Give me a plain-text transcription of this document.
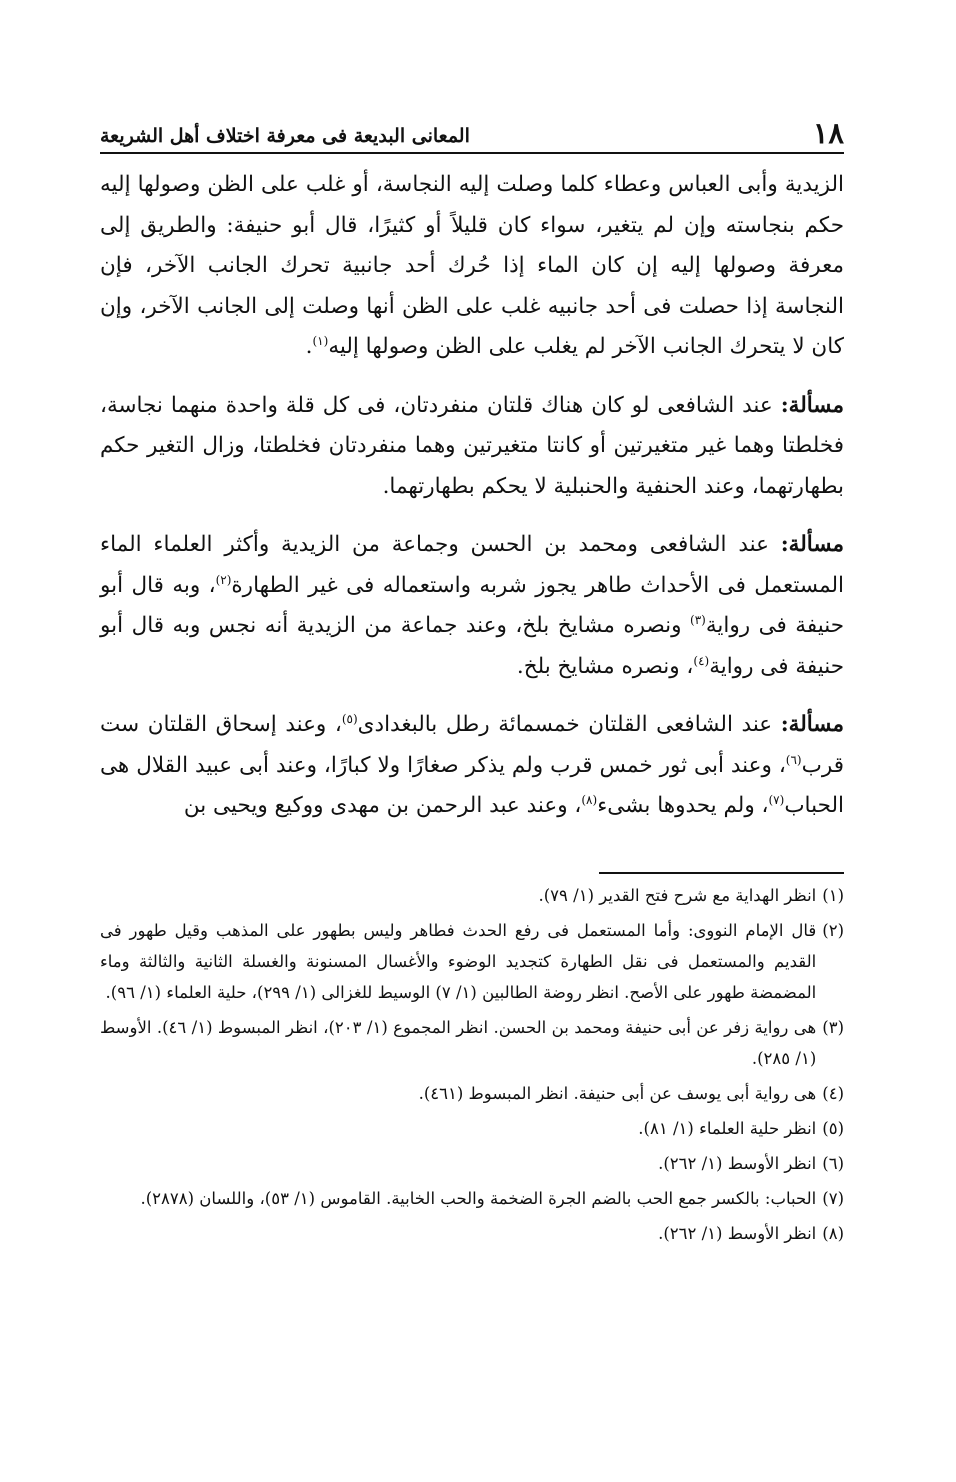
١٨
المعانى البديعة فى معرفة اختلاف أهل الشريعة

الزيدية وأبى العباس وعطاء كلما وصلت إليه النجاسة، أو غلب على الظن وصولها إليه حكم بنجاسته وإن لم يتغير، سواء كان قليلاً أو كثيرًا، قال أبو حنيفة: والطريق إلى معرفة وصولها إليه إن كان الماء إذا حُرك أحد جانبية تحرك الجانب الآخر، فإن النجاسة إذا حصلت فى أحد جانبيه غلب على الظن أنها وصلت إلى الجانب الآخر، وإن كان لا يتحرك الجانب الآخر لم يغلب على الظن وصولها إليه$^{(١)}$.

مسألة: عند الشافعى لو كان هناك قلتان منفردتان، فى كل قلة واحدة منهما نجاسة، فخلطتا وهما غير متغيرتين أو كانتا متغيرتين وهما منفردتان فخلطتا، وزال التغير حكم بطهارتهما، وعند الحنفية والحنبلية لا يحكم بطهارتهما.

مسألة: عند الشافعى ومحمد بن الحسن وجماعة من الزيدية وأكثر العلماء الماء المستعمل فى الأحداث طاهر يجوز شربه واستعماله فى غير الطهارة$^{(٢)}$، وبه قال أبو حنيفة فى رواية$^{(٣)}$ ونصره مشايخ بلخ، وعند جماعة من الزيدية أنه نجس وبه قال أبو حنيفة فى رواية$^{(٤)}$، ونصره مشايخ بلخ.

مسألة: عند الشافعى القلتان خمسمائة رطل بالبغدادى$^{(٥)}$، وعند إسحاق القلتان ست قرب$^{(٦)}$، وعند أبى ثور خمس قرب ولم يذكر صغارًا ولا كبارًا، وعند أبى عبيد القلال هى الحباب$^{(٧)}$، ولم يحدوها بشىء$^{(٨)}$، وعند عبد الرحمن بن مهدى ووكيع ويحيى بن

(١)
انظر الهداية مع شرح فتح القدير (١/ ٧٩).
(٢)
قال الإمام النووى: وأما المستعمل فى رفع الحدث فطاهر وليس بطهور على المذهب وقيل طهور فى القديم والمستعمل فى نقل الطهارة كتجديد الوضوء والأغسال المسنونة والغسلة الثانية والثالثة وماء المضمضة طهور على الأصح. انظر روضة الطالبين (١/ ٧) الوسيط للغزالى (١/ ٢٩٩)، حلية العلماء (١/ ٩٦).
(٣)
هى رواية زفر عن أبى حنيفة ومحمد بن الحسن. انظر المجموع (١/ ٢٠٣)، انظر المبسوط (١/ ٤٦). الأوسط (١/ ٢٨٥).
(٤)
هى رواية أبى يوسف عن أبى حنيفة. انظر المبسوط (٤٦١).
(٥)
انظر حلية العلماء (١/ ٨١).
(٦)
انظر الأوسط (١/ ٢٦٢).
(٧)
الحباب: بالكسر جمع الحب بالضم الجرة الضخمة والحب الخابية. القاموس (١/ ٥٣)، واللسان (٢٨٧٨).
(٨)
انظر الأوسط (١/ ٢٦٢).
